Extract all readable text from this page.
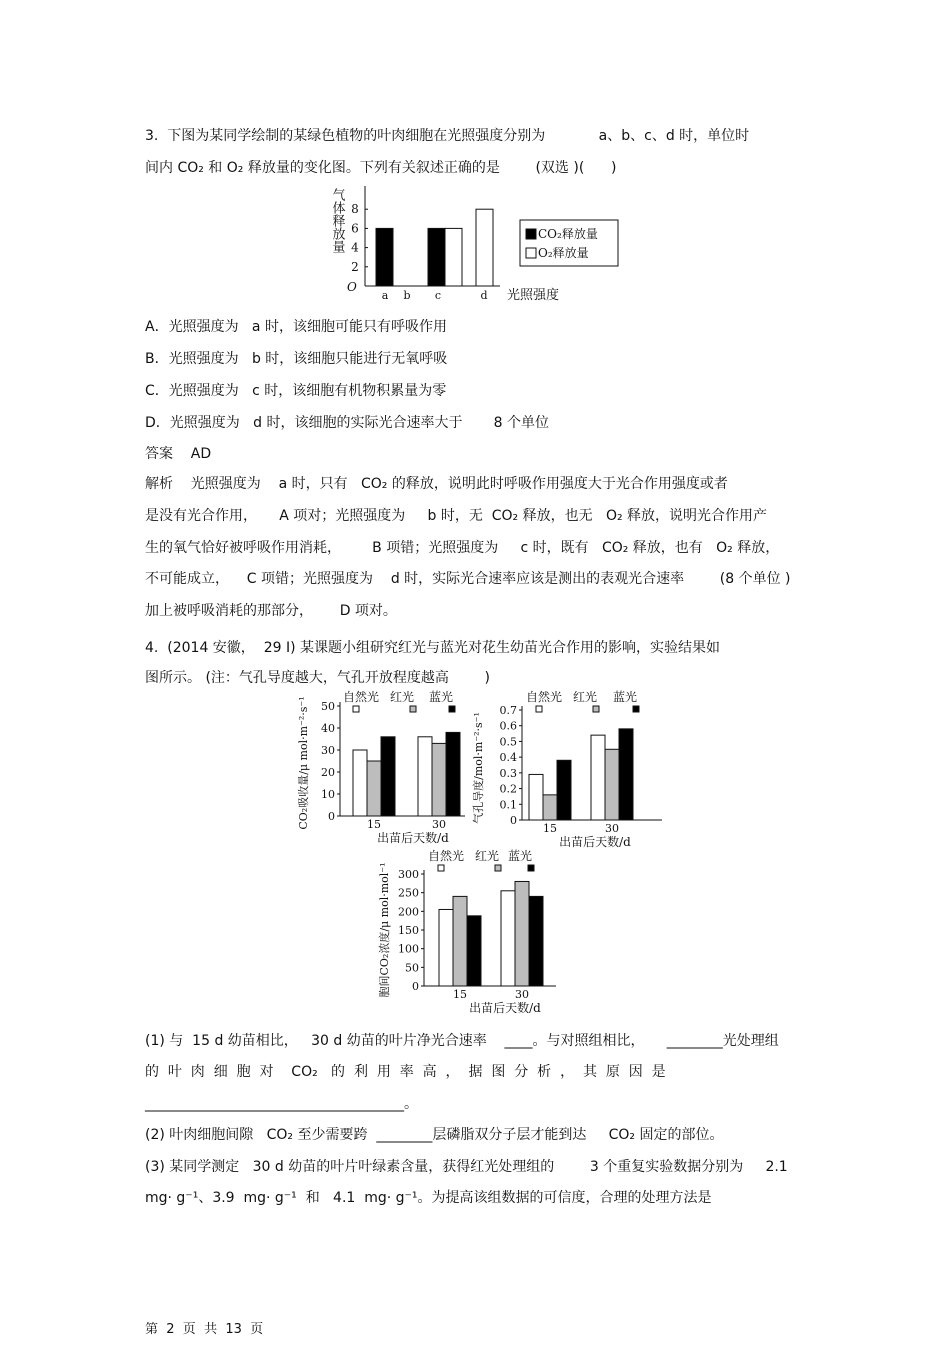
3.  下图为某同学绘制的某绿色植物的叶肉细胞在光照强度分别为            a、b、c、d 时，单位时
间内 CO₂ 和 O₂ 释放量的变化图。下列有关叙述正确的是        (双选 )(      )
气体释放量
O
2
4
6
8
a b c	d 光照强度
CO₂释放量
O₂释放量
A．光照强度为   a 时，该细胞可能只有呼吸作用
B．光照强度为   b 时，该细胞只能进行无氧呼吸
C．光照强度为   c 时，该细胞有机物积累量为零
D．光照强度为   d 时，该细胞的实际光合速率大于       8 个单位
答案    AD
解析    光照强度为    a 时，只有   CO₂ 的释放，说明此时呼吸作用强度大于光合作用强度或者
是没有光合作用，     A 项对；光照强度为     b 时，无  CO₂ 释放，也无   O₂ 释放，说明光合作用产
生的氧气恰好被呼吸作用消耗，       B 项错；光照强度为     c 时，既有   CO₂ 释放，也有   O₂ 释放，
不可能成立，    C 项错；光照强度为    d 时，实际光合速率应该是测出的表观光合速率        (8 个单位 )
加上被呼吸消耗的那部分，      D 项对。
4.  (2014 安徽，  29 Ⅰ) 某课题小组研究红光与蓝光对花生幼苗光合作用的影响，实验结果如
图所示。 (注：气孔导度越大，气孔开放程度越高        )
自然光 红光 蓝光
CO₂吸收量/μ mol·m⁻²·s⁻¹ 0
10
20
30
40
50
15	30
出苗后天数/d
自然光 红光 蓝光
气孔导度/mol·m⁻²·s⁻¹ 0
0.1
0.2
0.3
0.4
0.5
0.6
0.7
15	30
出苗后天数/d
自然光 红光 蓝光
胞间CO₂浓度/μ mol·mol⁻¹ 0
50
100
150
200
250
300
15	30
出苗后天数/d
(1) 与  15 d 幼苗相比，   30 d 幼苗的叶片净光合速率    ____。与对照组相比，     ________光处理组
的  叶  肉  细  胞  对    CO₂   的  利  用  率  高  ，  据  图  分  析  ，  其  原  因  是
_____________________________________。
(2) 叶肉细胞间隙   CO₂ 至少需要跨  ________层磷脂双分子层才能到达     CO₂ 固定的部位。
(3) 某同学测定   30 d 幼苗的叶片叶绿素含量，获得红光处理组的        3 个重复实验数据分别为     2.1
mg· g⁻¹、3.9  mg· g⁻¹  和   4.1  mg· g⁻¹。为提高该组数据的可信度，合理的处理方法是
第  2  页  共  13  页
